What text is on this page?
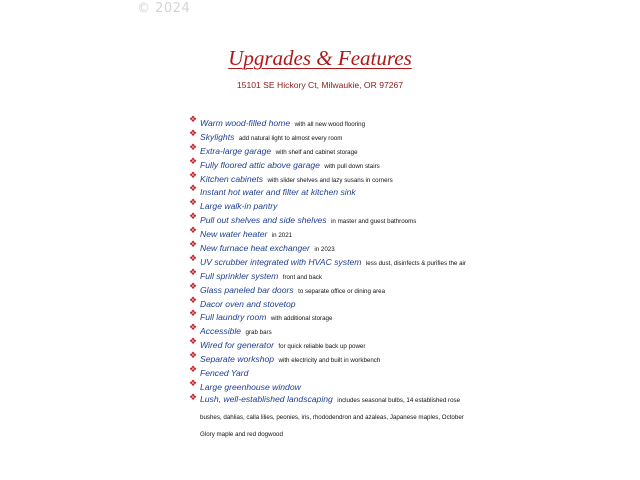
© 2024
Upgrades & Features
15101 SE Hickory Ct, Milwaukie, OR 97267
❖ Warm wood-filled home with all new wood flooring
❖ Skylights add natural light to almost every room
❖ Extra-large garage with shelf and cabinet storage
❖ Fully floored attic above garage with pull down stairs
❖ Kitchen cabinets with slider shelves and lazy susans in corners
❖ Instant hot water and filter at kitchen sink
❖ Large walk-in pantry
❖ Pull out shelves and side shelves in master and guest bathrooms
❖ New water heater in 2021
❖ New furnace heat exchanger in 2023
❖ UV scrubber integrated with HVAC system less dust, disinfects & purifies the air
❖ Full sprinkler system front and back
❖ Glass paneled bar doors to separate office or dining area
❖ Dacor oven and stovetop
❖ Full laundry room with additional storage
❖ Accessible grab bars
❖ Wired for generator for quick reliable back up power
❖ Separate workshop with electricity and built in workbench
❖ Fenced Yard
❖ Large greenhouse window
❖ Lush, well-established landscaping includes seasonal bulbs, 14 established rose bushes, dahlias, calla lilies, peonies, iris, rhododendron and azaleas, Japanese maples, October Glory maple and red dogwood
